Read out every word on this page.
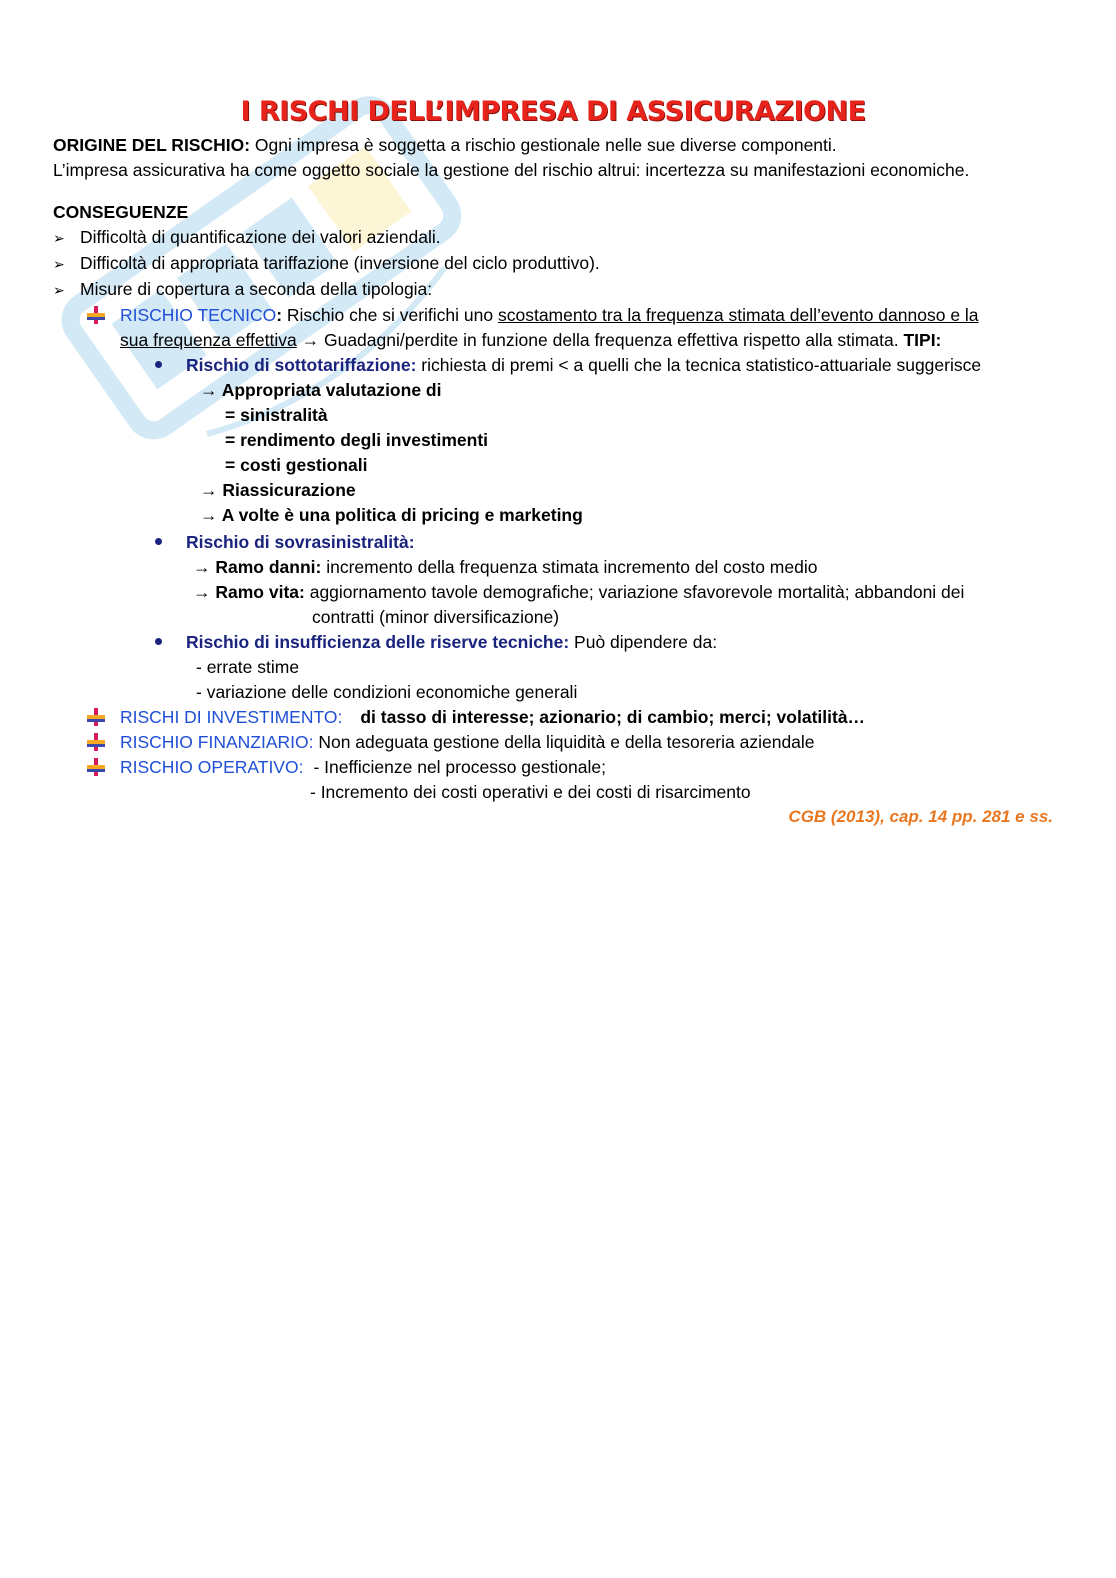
I RISCHI DELL’IMPRESA DI ASSICURAZIONE
ORIGINE DEL RISCHIO: Ogni impresa è soggetta a rischio gestionale nelle sue diverse componenti.
L’impresa assicurativa ha come oggetto sociale la gestione del rischio altrui: incertezza su manifestazioni economiche.
CONSEGUENZE
➢ Difficoltà di quantificazione dei valori aziendali.
➢ Difficoltà di appropriata tariffazione (inversione del ciclo produttivo).
➢ Misure di copertura a seconda della tipologia:
RISCHIO TECNICO: Rischio che si verifichi uno scostamento tra la frequenza stimata dell’evento dannoso e la
sua frequenza effettiva → Guadagni/perdite in funzione della frequenza effettiva rispetto alla stimata. TIPI:
Rischio di sottotariffazione: richiesta di premi < a quelli che la tecnica statistico-attuariale suggerisce
→ Appropriata valutazione di
= sinistralità
= rendimento degli investimenti
= costi gestionali
→ Riassicurazione
→ A volte è una politica di pricing e marketing
Rischio di sovrasinistralità:
→ Ramo danni: incremento della frequenza stimata incremento del costo medio
→ Ramo vita: aggiornamento tavole demografiche; variazione sfavorevole mortalità; abbandoni dei
contratti (minor diversificazione)
Rischio di insufficienza delle riserve tecniche: Può dipendere da:
- errate stime
- variazione delle condizioni economiche generali
RISCHI DI INVESTIMENTO: di tasso di interesse; azionario; di cambio; merci; volatilità…
RISCHIO FINANZIARIO: Non adeguata gestione della liquidità e della tesoreria aziendale
RISCHIO OPERATIVO: - Inefficienze nel processo gestionale;
- Incremento dei costi operativi e dei costi di risarcimento
CGB (2013), cap. 14 pp. 281 e ss.
